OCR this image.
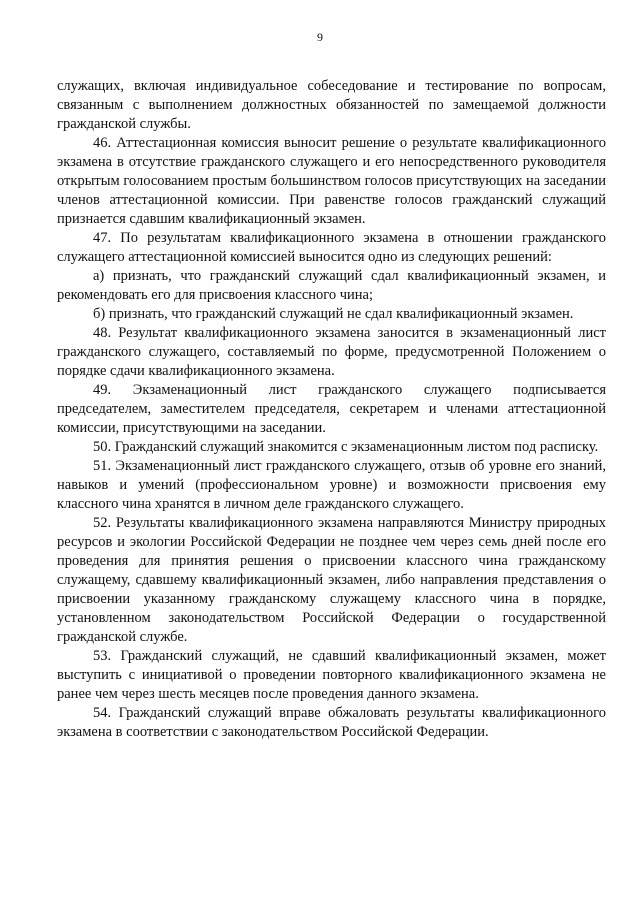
9

служащих, включая индивидуальное собеседование и тестирование по вопросам, связанным с выполнением должностных обязанностей по замещаемой должности гражданской службы.

46. Аттестационная комиссия выносит решение о результате квалификационного экзамена в отсутствие гражданского служащего и его непосредственного руководителя открытым голосованием простым большинством голосов присутствующих на заседании членов аттестационной комиссии. При равенстве голосов гражданский служащий признается сдавшим квалификационный экзамен.

47. По результатам квалификационного экзамена в отношении гражданского служащего аттестационной комиссией выносится одно из следующих решений:

а) признать, что гражданский служащий сдал квалификационный экзамен, и рекомендовать его для присвоения классного чина;

б) признать, что гражданский служащий не сдал квалификационный экзамен.

48. Результат квалификационного экзамена заносится в экзаменационный лист гражданского служащего, составляемый по форме, предусмотренной Положением о порядке сдачи квалификационного экзамена.

49. Экзаменационный лист гражданского служащего подписывается председателем, заместителем председателя, секретарем и членами аттестационной комиссии, присутствующими на заседании.

50. Гражданский служащий знакомится с экзаменационным листом под расписку.

51. Экзаменационный лист гражданского служащего, отзыв об уровне его знаний, навыков и умений (профессиональном уровне) и возможности присвоения ему классного чина хранятся в личном деле гражданского служащего.

52. Результаты квалификационного экзамена направляются Министру природных ресурсов и экологии Российской Федерации не позднее чем через семь дней после его проведения для принятия решения о присвоении классного чина гражданскому служащему, сдавшему квалификационный экзамен, либо направления представления о присвоении указанному гражданскому служащему классного чина в порядке, установленном законодательством Российской Федерации о государственной гражданской службе.

53. Гражданский служащий, не сдавший квалификационный экзамен, может выступить с инициативой о проведении повторного квалификационного экзамена не ранее чем через шесть месяцев после проведения данного экзамена.

54. Гражданский служащий вправе обжаловать результаты квалификационного экзамена в соответствии с законодательством Российской Федерации.
